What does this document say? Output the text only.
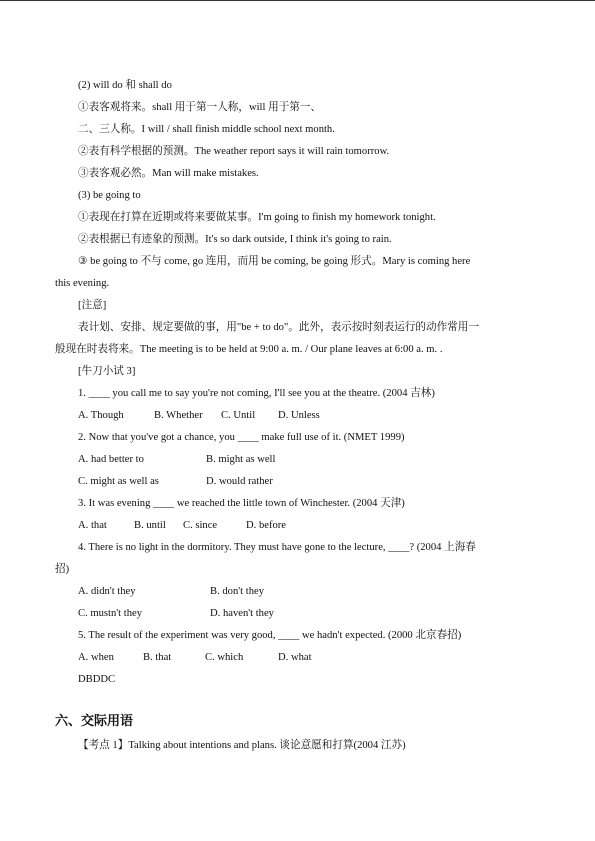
(2) will do 和 shall do
①表客观将来。shall 用于第一人称，will 用于第一、
二、三人称。I will / shall finish middle school next month.
②表有科学根据的预测。The weather report says it will rain tomorrow.
③表客观必然。Man will make mistakes.
(3) be going to
①表现在打算在近期或将来要做某事。I'm going to finish my homework tonight.
②表根据已有迹象的预测。It's so dark outside, I think it's going to rain.
③ be going to 不与 come, go 连用，而用 be coming, be going 形式。Mary is coming here
this evening.
[注意]
表计划、安排、规定要做的事，用"be + to do"。此外，表示按时刻表运行的动作常用一
般现在时表将来。The meeting is to be held at 9:00 a. m. / Our plane leaves at 6:00 a. m. .
[牛刀小试 3]
1. ____ you call me to say you're not coming, I'll see you at the theatre. (2004 吉林)
A. Though	B. Whether C. Until D. Unless
2. Now that you've got a chance, you ____ make full use of it. (NMET 1999)
A. had better to	B. might as well
C. might as well as	D. would rather
3. It was evening ____ we reached the little town of Winchester. (2004 天津)
A. that	B. until C. since	D. before
4. There is no light in the dormitory. They must have gone to the lecture, ____? (2004 上海春
招)
A. didn't they	B. don't they
C. mustn't they	D. haven't they
5. The result of the experiment was very good, ____ we hadn't expected. (2000 北京春招)
A. when	B. that	C. which	D. what
DBDDC
六、交际用语
【考点 1】Talking about intentions and plans. 谈论意愿和打算(2004 江苏)
